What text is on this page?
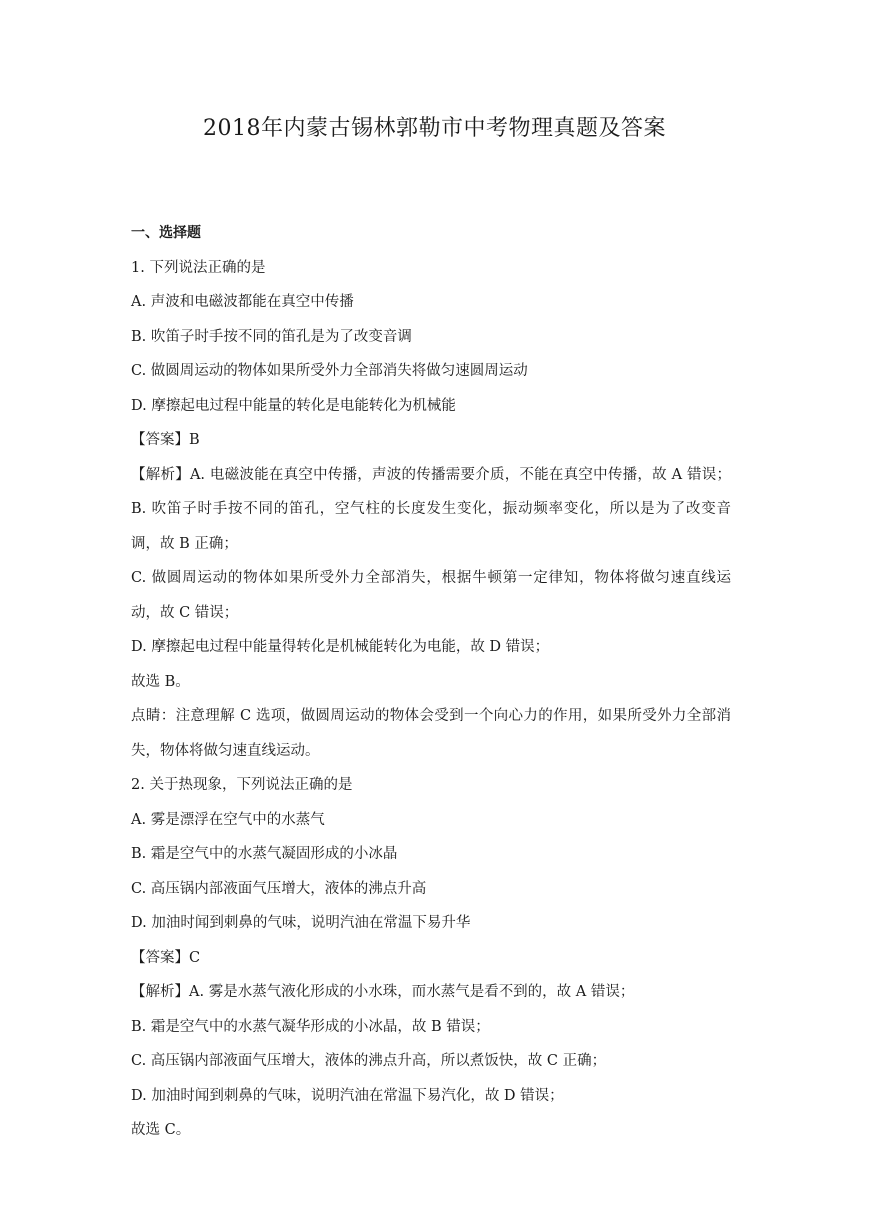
2018年内蒙古锡林郭勒市中考物理真题及答案
一、选择题
1. 下列说法正确的是
A. 声波和电磁波都能在真空中传播
B. 吹笛子时手按不同的笛孔是为了改变音调
C. 做圆周运动的物体如果所受外力全部消失将做匀速圆周运动
D. 摩擦起电过程中能量的转化是电能转化为机械能
【答案】B
【解析】A. 电磁波能在真空中传播，声波的传播需要介质，不能在真空中传播，故 A 错误；
B. 吹笛子时手按不同的笛孔，空气柱的长度发生变化，振动频率变化，所以是为了改变音
调，故 B 正确；
C. 做圆周运动的物体如果所受外力全部消失，根据牛顿第一定律知，物体将做匀速直线运
动，故 C 错误；
D. 摩擦起电过程中能量得转化是机械能转化为电能，故 D 错误；
故选 B。
点睛：注意理解 C 选项，做圆周运动的物体会受到一个向心力的作用，如果所受外力全部消
失，物体将做匀速直线运动。
2. 关于热现象，下列说法正确的是
A. 雾是漂浮在空气中的水蒸气
B. 霜是空气中的水蒸气凝固形成的小冰晶
C. 高压锅内部液面气压增大，液体的沸点升高
D. 加油时闻到刺鼻的气味，说明汽油在常温下易升华
【答案】C
【解析】A. 雾是水蒸气液化形成的小水珠，而水蒸气是看不到的，故 A 错误；
B. 霜是空气中的水蒸气凝华形成的小冰晶，故 B 错误；
C. 高压锅内部液面气压增大，液体的沸点升高，所以煮饭快，故 C 正确；
D. 加油时闻到刺鼻的气味，说明汽油在常温下易汽化，故 D 错误；
故选 C。
